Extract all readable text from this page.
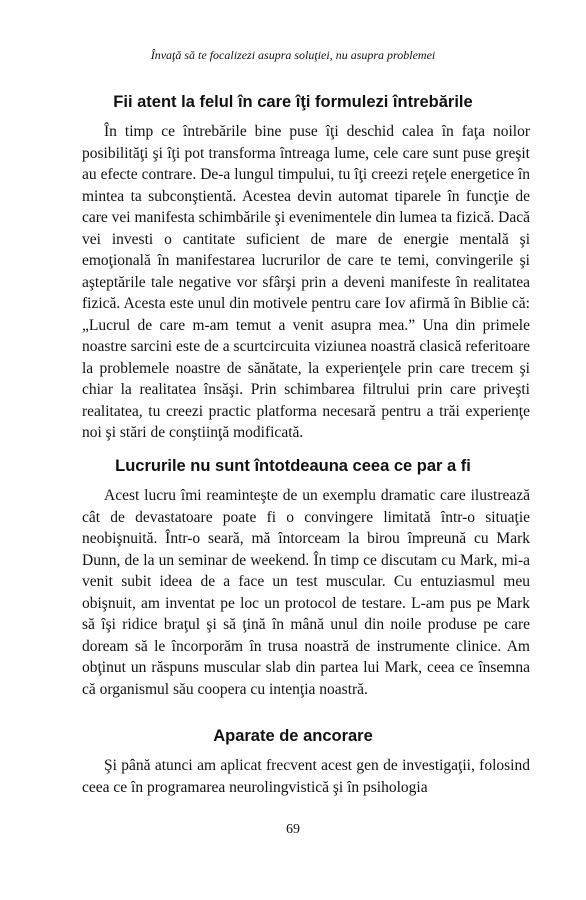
Învaţă să te focalizezi asupra soluţiei, nu asupra problemei
Fii atent la felul în care îţi formulezi întrebările

În timp ce întrebările bine puse îţi deschid calea în faţa noilor posibilităţi şi îţi pot transforma întreaga lume, cele care sunt puse greşit au efecte contrare. De-a lungul timpului, tu îţi creezi reţele energetice în mintea ta subconştientă. Acestea devin automat tiparele în funcţie de care vei manifesta schimbările şi evenimentele din lumea ta fizică. Dacă vei investi o cantitate suficient de mare de energie mentală şi emoţională în manifestarea lucrurilor de care te temi, convingerile şi aşteptările tale negative vor sfârşi prin a deveni manifeste în realitatea fizică. Acesta este unul din motivele pentru care Iov afirmă în Biblie că: „Lucrul de care m-am temut a venit asupra mea.” Una din primele noastre sarcini este de a scurtcircuita viziunea noastră clasică referitoare la problemele noastre de sănătate, la experienţele prin care trecem şi chiar la realitatea însăşi. Prin schimbarea filtrului prin care priveşti realitatea, tu creezi practic platforma necesară pentru a trăi experienţe noi şi stări de conştiinţă modificată.

Lucrurile nu sunt întotdeauna ceea ce par a fi

Acest lucru îmi reaminteşte de un exemplu dramatic care ilustrează cât de devastatoare poate fi o convingere limitată într-o situaţie neobişnuită. Într-o seară, mă întorceam la birou împreună cu Mark Dunn, de la un seminar de weekend. În timp ce discutam cu Mark, mi-a venit subit ideea de a face un test muscular. Cu entuziasmul meu obişnuit, am inventat pe loc un protocol de testare. L-am pus pe Mark să îşi ridice braţul şi să ţină în mână unul din noile produse pe care doream să le încorporăm în trusa noastră de instrumente clinice. Am obţinut un răspuns muscular slab din partea lui Mark, ceea ce însemna că organismul său coopera cu intenţia noastră.

Aparate de ancorare

Şi până atunci am aplicat frecvent acest gen de investigaţii, folosind ceea ce în programarea neurolingvistică şi în psihologia

69
